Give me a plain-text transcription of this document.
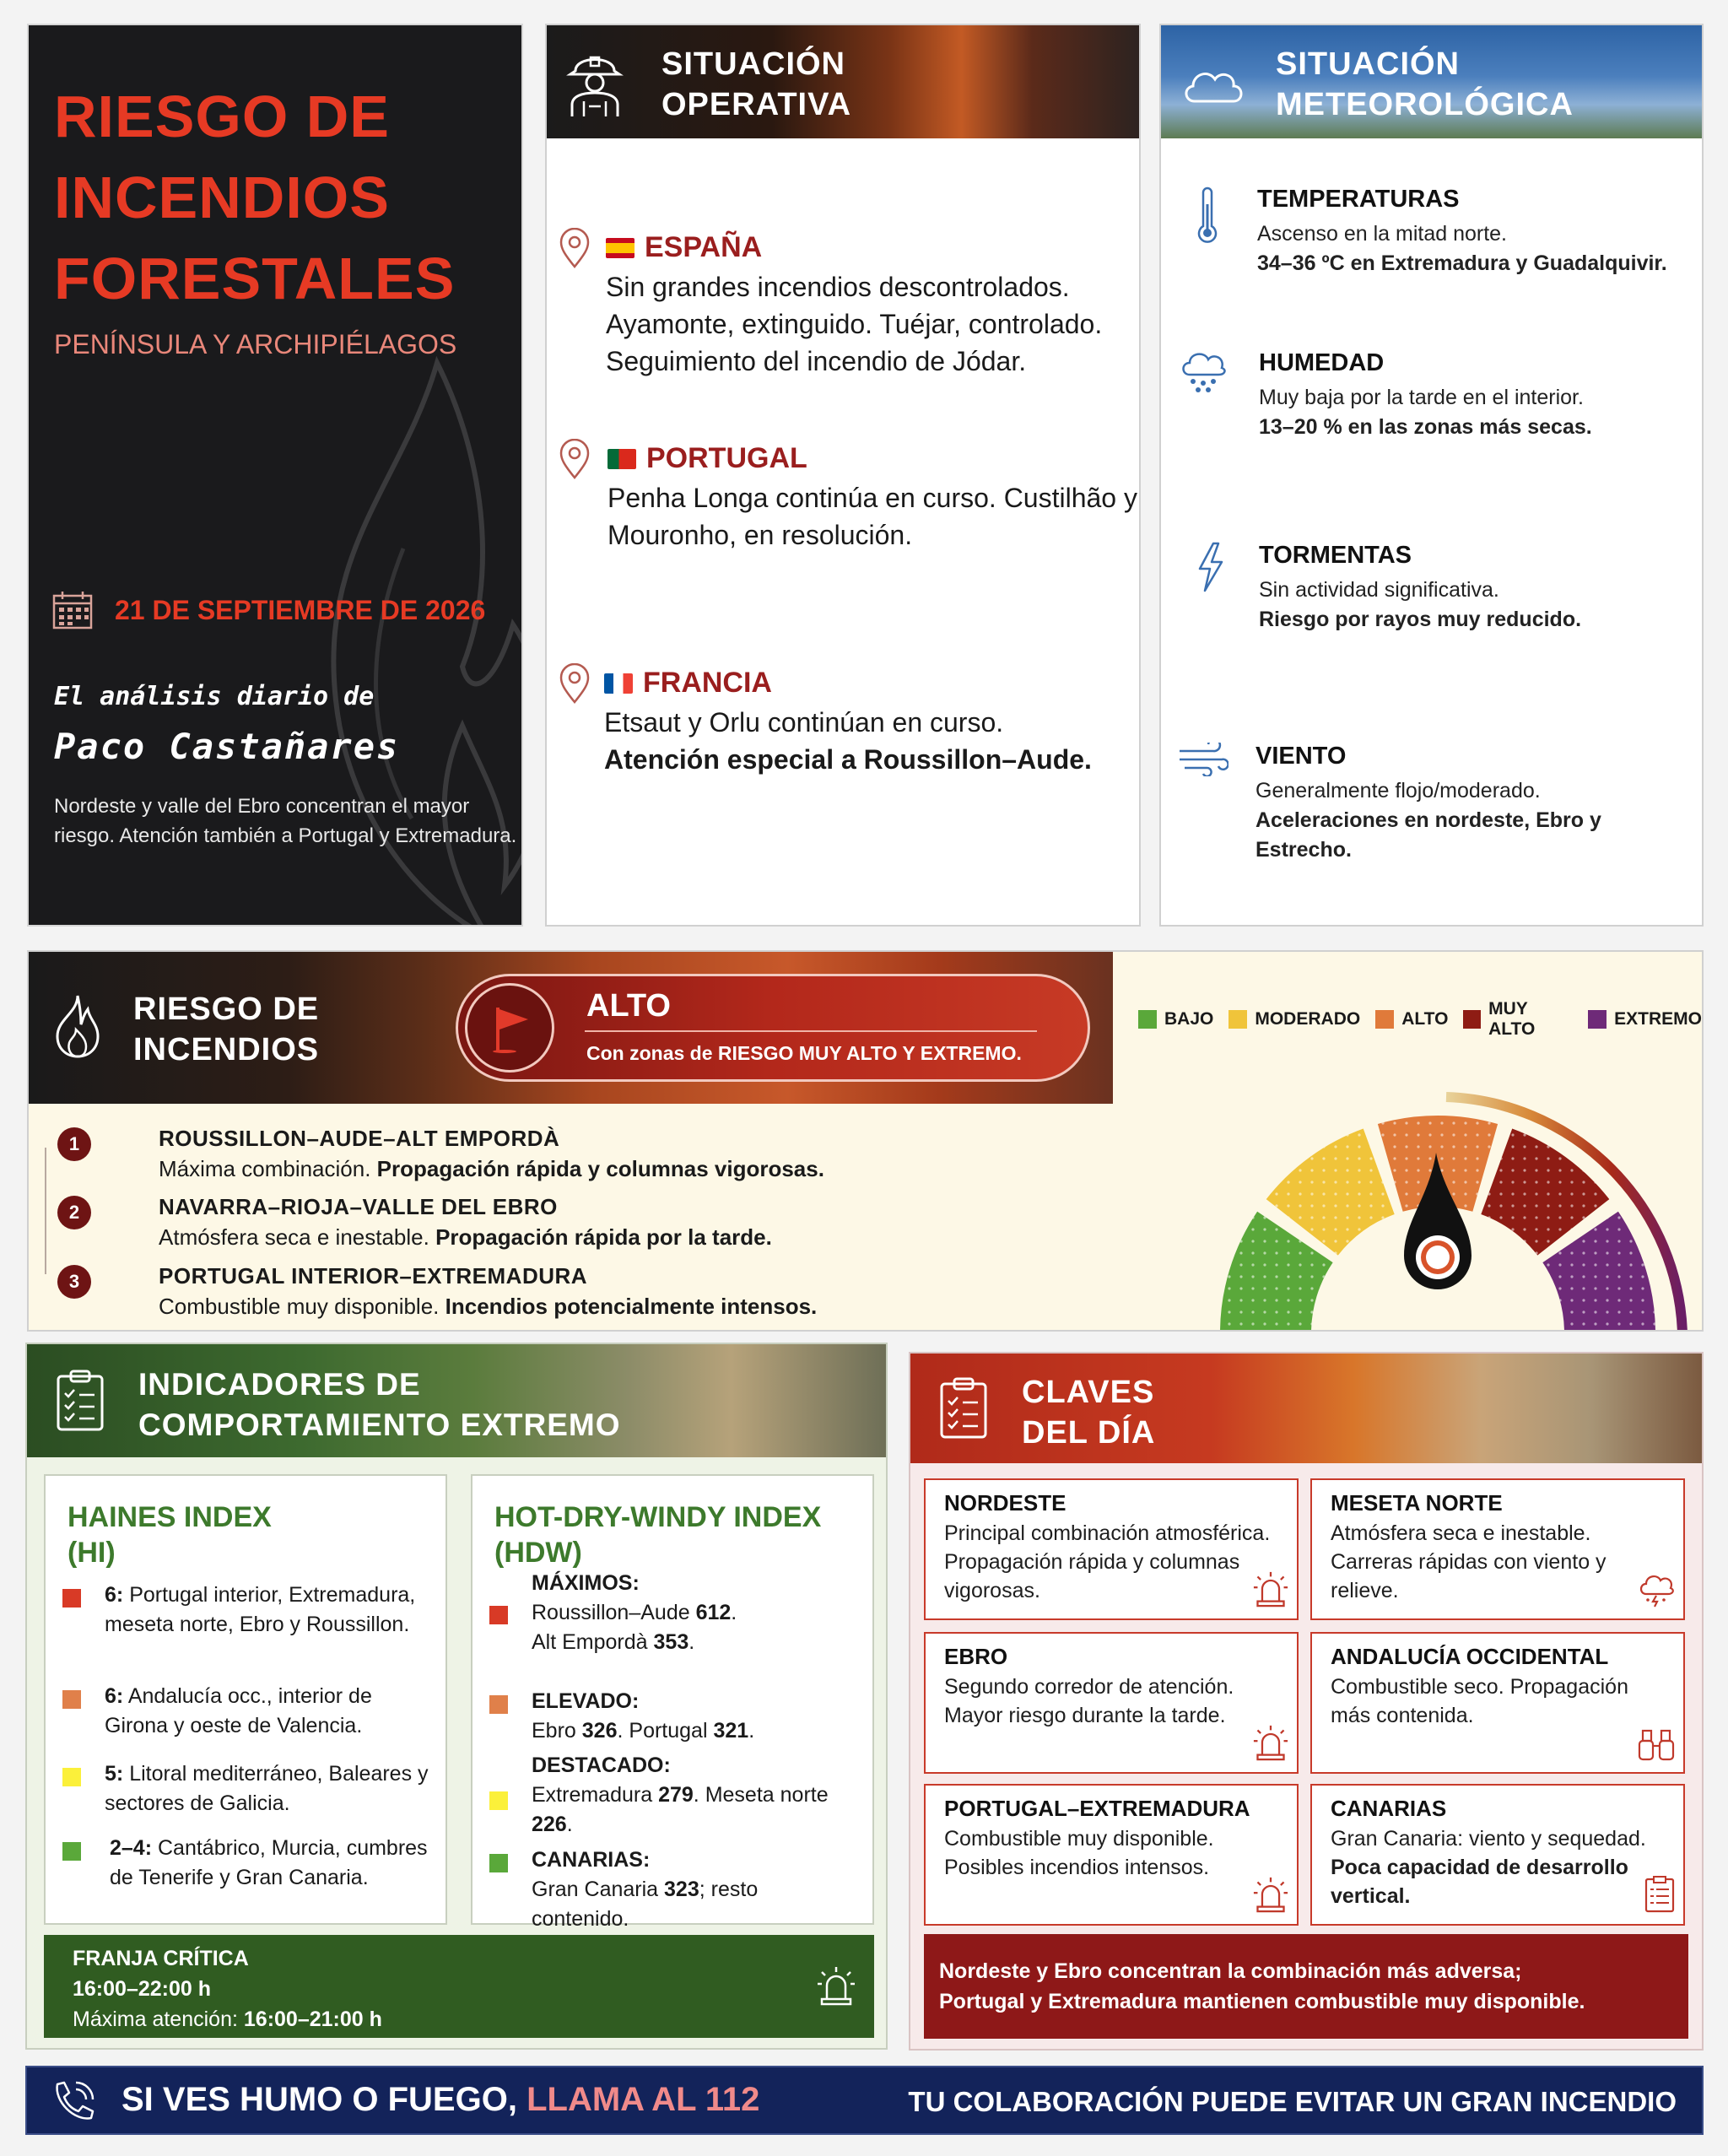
RIESGO DE INCENDIOS FORESTALES
PENÍNSULA Y ARCHIPIÉLAGOS
21 DE SEPTIEMBRE DE 2026
El análisis diario de
Paco Castañares
Nordeste y valle del Ebro concentran el mayor riesgo. Atención también a Portugal y Extremadura.
SITUACIÓN
OPERATIVA
ESPAÑA
Sin grandes incendios descontrolados. Ayamonte, extinguido. Tuéjar, controlado. Seguimiento del incendio de Jódar.
PORTUGAL
Penha Longa continúa en curso. Custilhão y Mouronho, en resolución.
FRANCIA
Etsaut y Orlu continúan en curso.
Atención especial a Roussillon–Aude.
SITUACIÓN
METEOROLÓGICA
TEMPERATURAS
Ascenso en la mitad norte.
34–36 ºC en Extremadura y Guadalquivir.
HUMEDAD
Muy baja por la tarde en el interior.
13–20 % en las zonas más secas.
TORMENTAS
Sin actividad significativa.
Riesgo por rayos muy reducido.
VIENTO
Generalmente flojo/moderado.
Aceleraciones en nordeste, Ebro y Estrecho.
RIESGO DE
INCENDIOS
ALTO
Con zonas de RIESGO MUY ALTO Y EXTREMO.
BAJO MODERADO ALTO
MUY ALTO
EXTREMO
1	ROUSSILLON–AUDE–ALT EMPORDÀ
Máxima combinación. Propagación rápida y columnas vigorosas.
2	NAVARRA–RIOJA–VALLE DEL EBRO
Atmósfera seca e inestable. Propagación rápida por la tarde.
3	PORTUGAL INTERIOR–EXTREMADURA
Combustible muy disponible. Incendios potencialmente intensos.
INDICADORES DE
COMPORTAMIENTO EXTREMO
HAINES INDEX
(HI)
6: Portugal interior, Extremadura, meseta norte, Ebro y Roussillon.
6: Andalucía occ., interior de Girona y oeste de Valencia.
5: Litoral mediterráneo, Baleares y sectores de Galicia.
2–4: Cantábrico, Murcia, cumbres de Tenerife y Gran Canaria.
HOT-DRY-WINDY INDEX
(HDW)
MÁXIMOS:
Roussillon–Aude 612.
Alt Empordà 353.
ELEVADO:
Ebro 326. Portugal 321.
DESTACADO:
Extremadura 279. Meseta norte 226.
CANARIAS:
Gran Canaria 323; resto contenido.
FRANJA CRÍTICA
16:00–22:00 h
Máxima atención: 16:00–21:00 h
CLAVES
DEL DÍA
NORDESTE
Principal combinación atmosférica. Propagación rápida y columnas vigorosas.
MESETA NORTE
Atmósfera seca e inestable. Carreras rápidas con viento y relieve.
EBRO
Segundo corredor de atención. Mayor riesgo durante la tarde.
ANDALUCÍA OCCIDENTAL
Combustible seco. Propagación más contenida.
PORTUGAL–EXTREMADURA
Combustible muy disponible. Posibles incendios intensos.
CANARIAS
Gran Canaria: viento y sequedad. Poca capacidad de desarrollo vertical.
Nordeste y Ebro concentran la combinación más adversa;
Portugal y Extremadura mantienen combustible muy disponible.
SI VES HUMO O FUEGO, LLAMA AL 112	TU COLABORACIÓN PUEDE EVITAR UN GRAN INCENDIO
